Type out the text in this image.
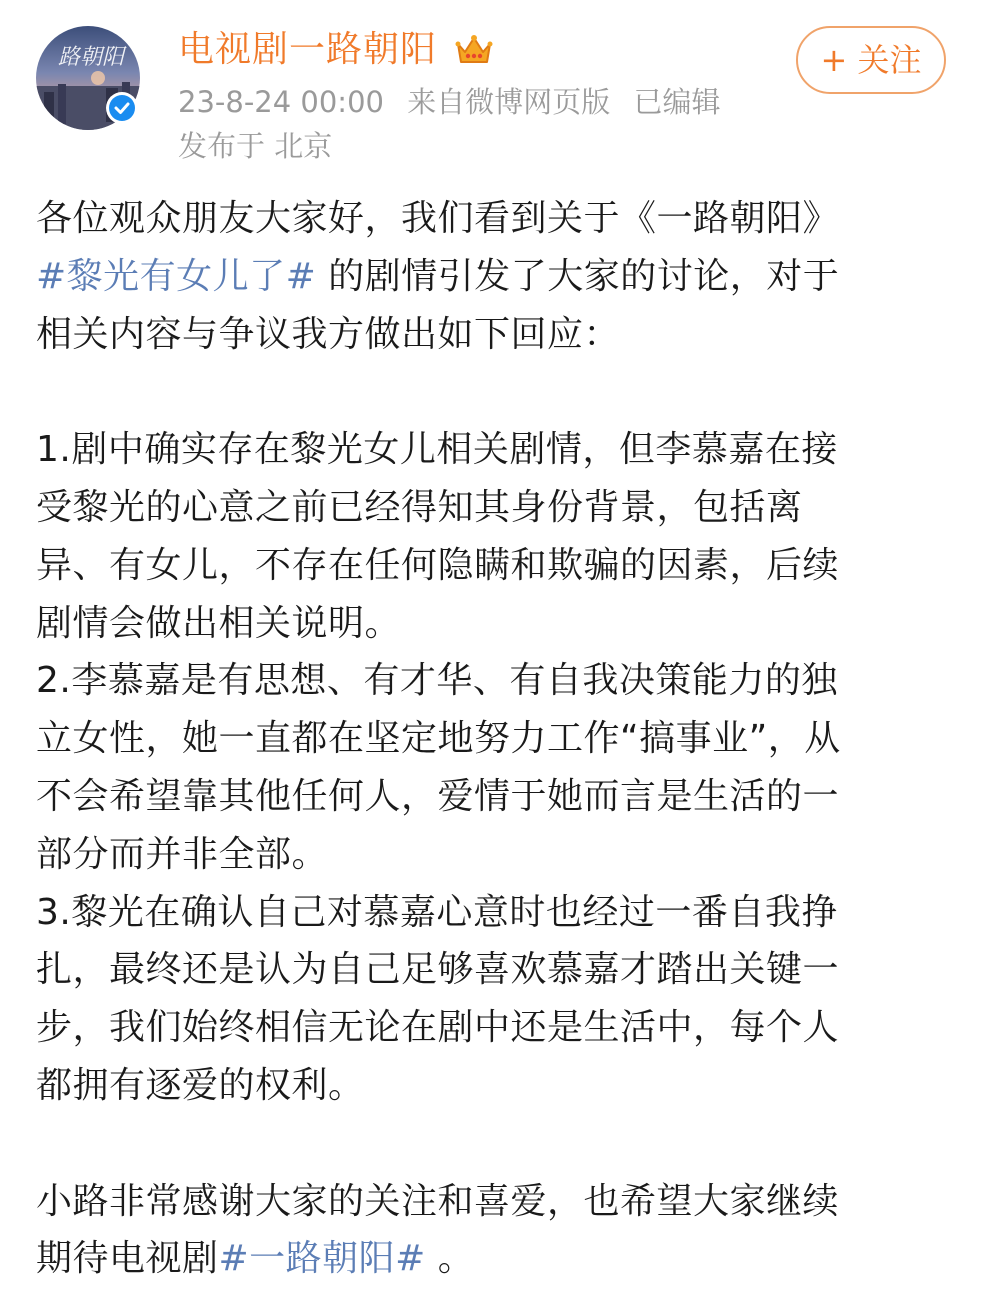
路朝阳 电视剧一路朝阳
23-8-24 00:00 来自微博网页版 已编辑
发布于 北京
+ 关注

各位观众朋友大家好，我们看到关于《一路朝阳》

#黎光有女儿了# 的剧情引发了大家的讨论，对于

相关内容与争议我方做出如下回应：

1.剧中确实存在黎光女儿相关剧情，但李慕嘉在接

受黎光的心意之前已经得知其身份背景，包括离

异、有女儿，不存在任何隐瞒和欺骗的因素，后续

剧情会做出相关说明。

2.李慕嘉是有思想、有才华、有自我决策能力的独

立女性，她一直都在坚定地努力工作“搞事业”，从

不会希望靠其他任何人，爱情于她而言是生活的一

部分而并非全部。

3.黎光在确认自己对慕嘉心意时也经过一番自我挣

扎，最终还是认为自己足够喜欢慕嘉才踏出关键一

步，我们始终相信无论在剧中还是生活中，每个人

都拥有逐爱的权利。

小路非常感谢大家的关注和喜爱，也希望大家继续

期待电视剧#一路朝阳# 。
